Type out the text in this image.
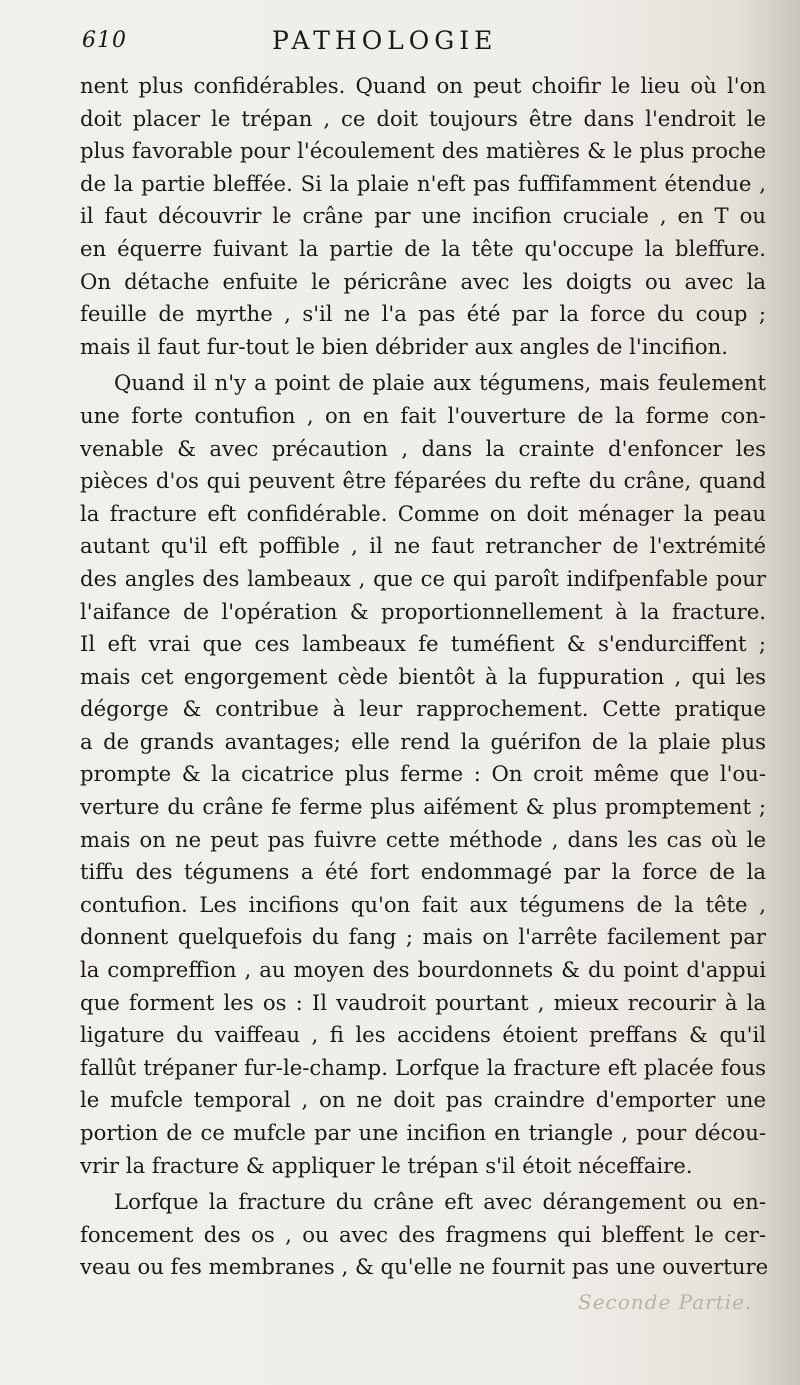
610	PATHOLOGIE
nent plus confidérables. Quand on peut choifir le lieu où l'on
doit placer le trépan , ce doit toujours être dans l'endroit le
plus favorable pour l'écoulement des matières & le plus proche
de la partie bleffée. Si la plaie n'eft pas fuffifamment étendue ,
il faut découvrir le crâne par une incifion cruciale , en T ou
en équerre fuivant la partie de la tête qu'occupe la bleffure.
On détache enfuite le péricrâne avec les doigts ou avec la
feuille de myrthe , s'il ne l'a pas été par la force du coup ;
mais il faut fur-tout le bien débrider aux angles de l'incifion.
Quand il n'y a point de plaie aux tégumens, mais feulement
une forte contufion , on en fait l'ouverture de la forme con-
venable & avec précaution , dans la crainte d'enfoncer les
pièces d'os qui peuvent être féparées du refte du crâne, quand
la fracture eft confidérable. Comme on doit ménager la peau
autant qu'il eft poffible , il ne faut retrancher de l'extrémité
des angles des lambeaux , que ce qui paroît indifpenfable pour
l'aifance de l'opération & proportionnellement à la fracture.
Il eft vrai que ces lambeaux fe tuméfient & s'endurciffent ;
mais cet engorgement cède bientôt à la fuppuration , qui les
dégorge & contribue à leur rapprochement. Cette pratique
a de grands avantages; elle rend la guérifon de la plaie plus
prompte & la cicatrice plus ferme : On croit même que l'ou-
verture du crâne fe ferme plus aifément & plus promptement ;
mais on ne peut pas fuivre cette méthode , dans les cas où le
tiffu des tégumens a été fort endommagé par la force de la
contufion. Les incifions qu'on fait aux tégumens de la tête ,
donnent quelquefois du fang ; mais on l'arrête facilement par
la compreffion , au moyen des bourdonnets & du point d'appui
que forment les os : Il vaudroit pourtant , mieux recourir à la
ligature du vaiffeau , fi les accidens étoient preffans & qu'il
fallût trépaner fur-le-champ. Lorfque la fracture eft placée fous
le mufcle temporal , on ne doit pas craindre d'emporter une
portion de ce mufcle par une incifion en triangle , pour décou-
vrir la fracture & appliquer le trépan s'il étoit néceffaire.
Lorfque la fracture du crâne eft avec dérangement ou en-
foncement des os , ou avec des fragmens qui bleffent le cer-
veau ou fes membranes , & qu'elle ne fournit pas une ouverture
Seconde Partie.
